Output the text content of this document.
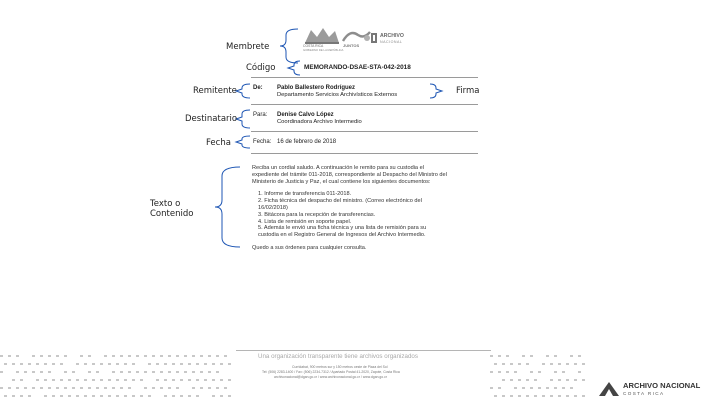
Membrete
Código
Remitente
Destinatario
Fecha
Texto o
Contenido
Firma
COSTA RICA
GOBIERNO DE LA REPÚBLICA
JUNTOS
ARCHIVO
NACIONAL
MEMORANDO-DSAE-STA-042-2018
De: Pablo Ballestero Rodríguez
Departamento Servicios Archivísticos Externos
Para: Denise Calvo López
Coordinadora Archivo Intermedio
Fecha: 16 de febrero de 2018
Reciba un cordial saludo. A continuación le remito para su custodia el
expediente del trámite 011-2018, correspondiente al Despacho del Ministro del
Ministerio de Justicia y Paz, el cual contiene los siguientes documentos:
1. Informe de transferencia 011-2018.
2. Ficha técnica del despacho del ministro. (Correo electrónico del
16/02/2018)
3. Bitácora para la recepción de transferencias.
4. Lista de remisión en soporte papel.
5. Además le envió una ficha técnica y una lista de remisión para su
custodia en el Registro General de Ingresos del Archivo Intermedio.
Quedo a sus órdenes para cualquier consulta.
Una organización transparente tiene archivos organizados
Curridabat, 900 metros sur y 150 metros oeste de Plaza del Sol
Tel: (506) 2283-1400 / Fax: (506) 2234-7312 / Apartado Postal 41-2020, Zapote, Costa Rica
archivonacional@dgan.go.cr / www.archivonacional.go.cr / www.dgan.go.cr
ARCHIVO NACIONAL
COSTA RICA
